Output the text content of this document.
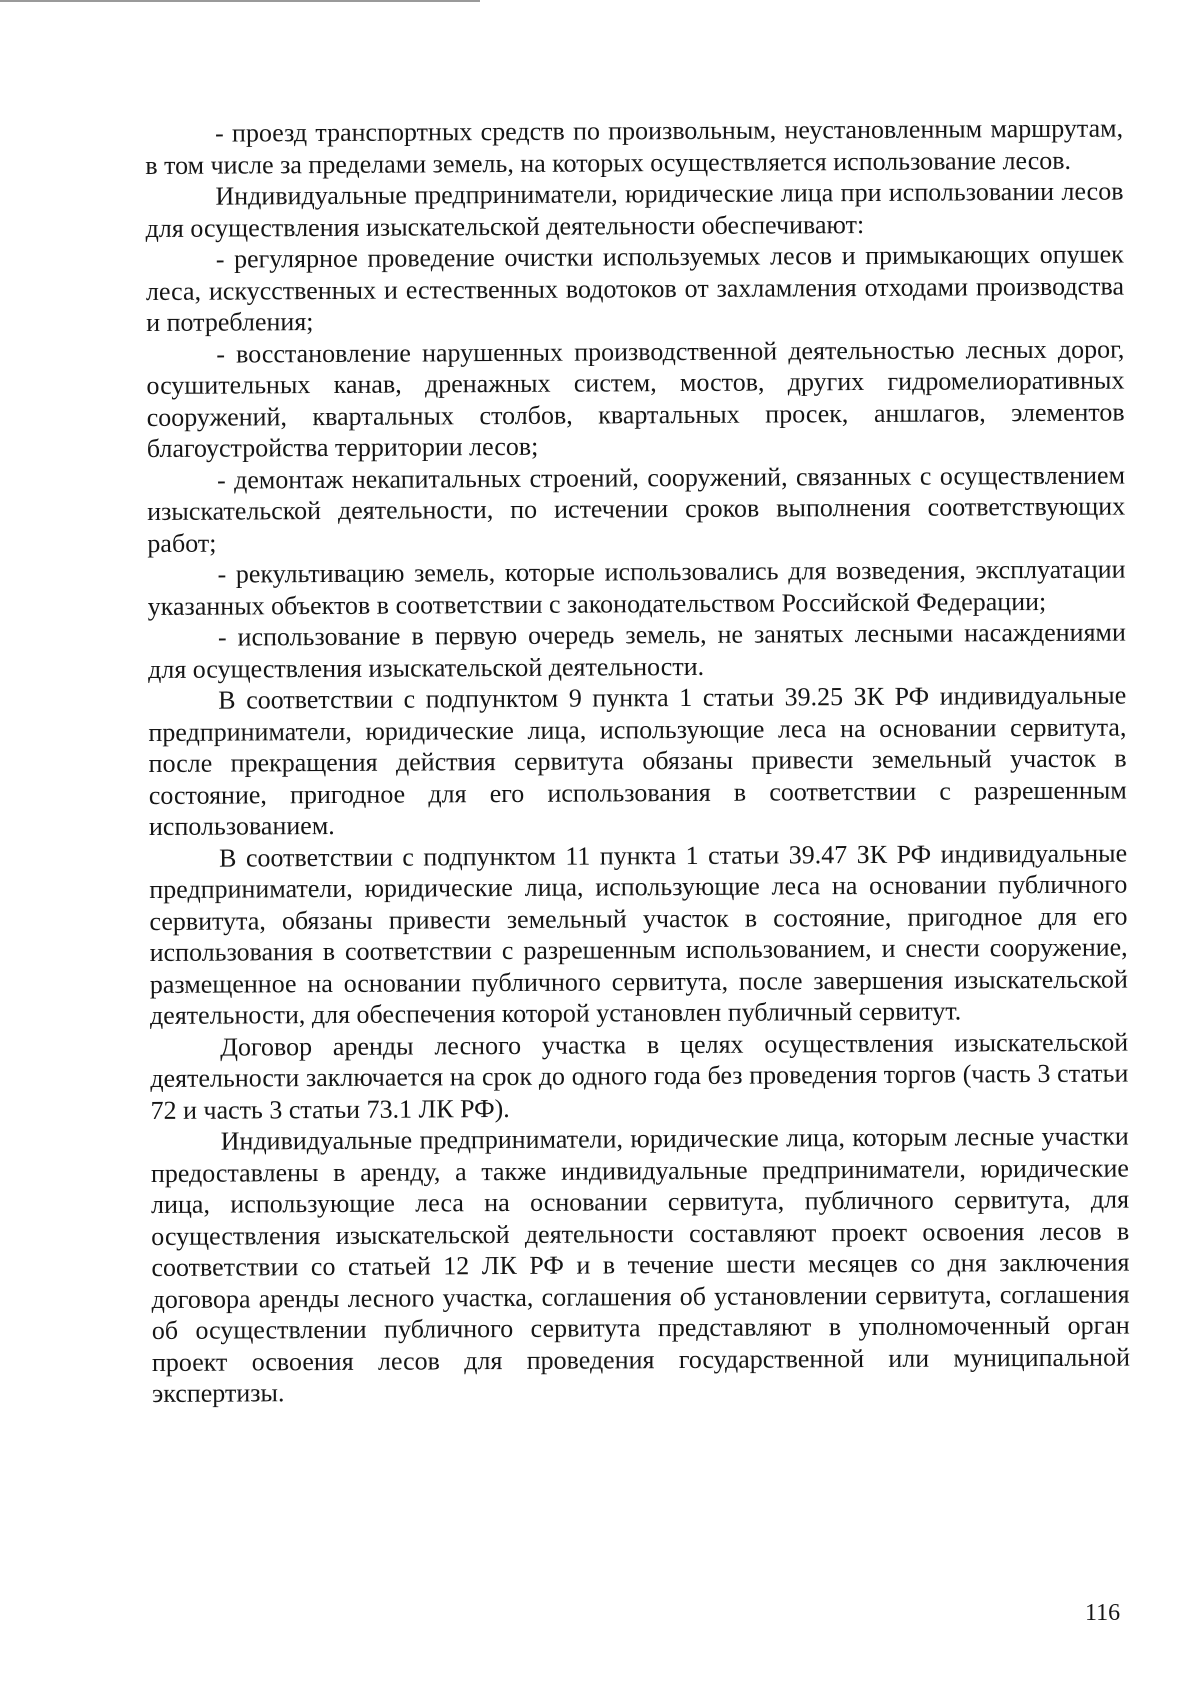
- проезд транспортных средств по произвольным, неустановленным маршрутам, в том числе за пределами земель, на которых осуществляется использование лесов.

Индивидуальные предприниматели, юридические лица при использовании лесов для осуществления изыскательской деятельности обеспечивают:

- регулярное проведение очистки используемых лесов и примыкающих опушек леса, искусственных и естественных водотоков от захламления отходами производства и потребления;

- восстановление нарушенных производственной деятельностью лесных дорог, осушительных канав, дренажных систем, мостов, других гидромелиоративных сооружений, квартальных столбов, квартальных просек, аншлагов, элементов благоустройства территории лесов;

- демонтаж некапитальных строений, сооружений, связанных с осуществлением изыскательской деятельности, по истечении сроков выполнения соответствующих работ;

- рекультивацию земель, которые использовались для возведения, эксплуатации указанных объектов в соответствии с законодательством Российской Федерации;

- использование в первую очередь земель, не занятых лесными насаждениями для осуществления изыскательской деятельности.

В соответствии с подпунктом 9 пункта 1 статьи 39.25 ЗК РФ индивидуальные предприниматели, юридические лица, использующие леса на основании сервитута, после прекращения действия сервитута обязаны привести земельный участок в состояние, пригодное для его использования в соответствии с разрешенным использованием.

В соответствии с подпунктом 11 пункта 1 статьи 39.47 ЗК РФ индивидуальные предприниматели, юридические лица, использующие леса на основании публичного сервитута, обязаны привести земельный участок в состояние, пригодное для его использования в соответствии с разрешенным использованием, и снести сооружение, размещенное на основании публичного сервитута, после завершения изыскательской деятельности, для обеспечения которой установлен публичный сервитут.

Договор аренды лесного участка в целях осуществления изыскательской деятельности заключается на срок до одного года без проведения торгов (часть 3 статьи 72 и часть 3 статьи 73.1 ЛК РФ).

Индивидуальные предприниматели, юридические лица, которым лесные участки предоставлены в аренду, а также индивидуальные предприниматели, юридические лица, использующие леса на основании сервитута, публичного сервитута, для осуществления изыскательской деятельности составляют проект освоения лесов в соответствии со статьей 12 ЛК РФ и в течение шести месяцев со дня заключения договора аренды лесного участка, соглашения об установлении сервитута, соглашения об осуществлении публичного сервитута представляют в уполномоченный орган проект освоения лесов для проведения государственной или муниципальной экспертизы.

116
